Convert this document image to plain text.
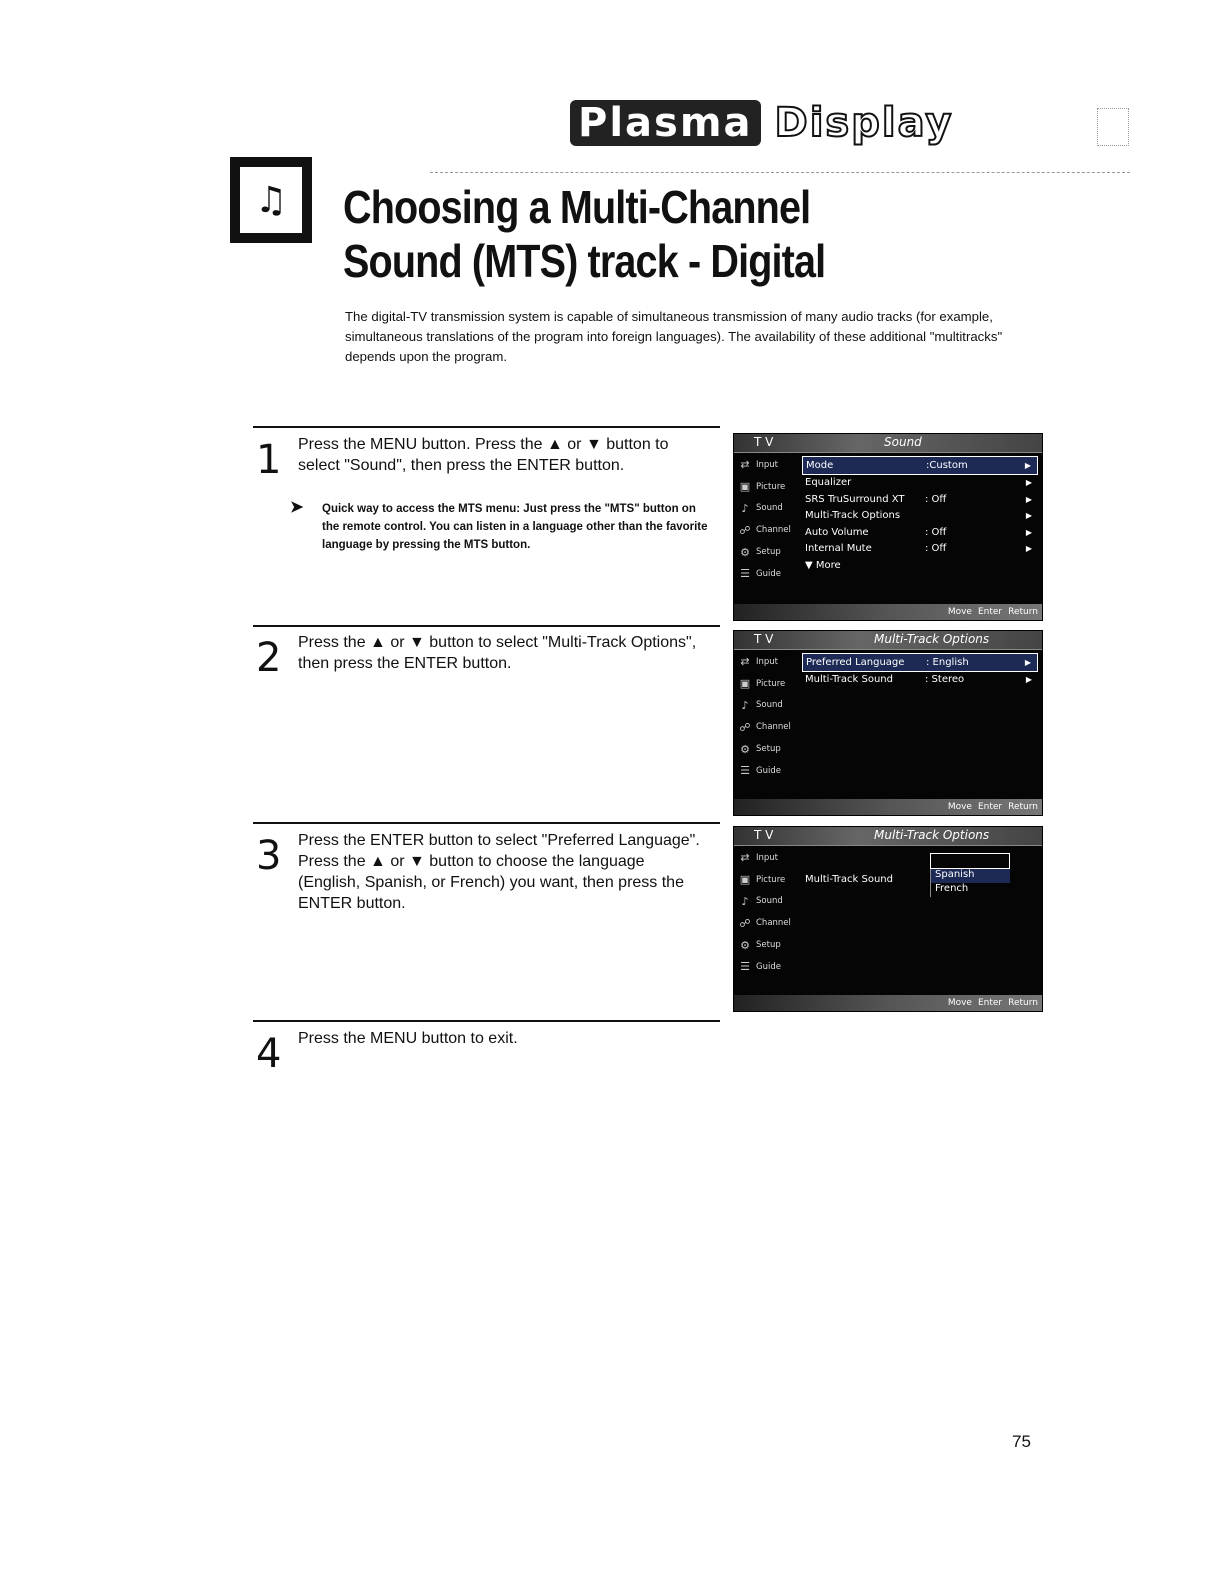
Plasma Display
♫	Choosing a Multi-Channel
Sound (MTS) track - Digital

The digital-TV transmission system is capable of simultaneous transmission of many audio tracks (for example, simultaneous translations of the program into foreign languages). The availability of these additional "multitracks" depends upon the program.

1 Press the MENU button. Press the ▲ or ▼ button to select "Sound", then press the ENTER button.

➤	Quick way to access the MTS menu: Just press the "MTS" button on the remote control. You can listen in a language other than the favorite language by pressing the MTS button.
T V	Sound
⇄ Input
▣ Picture
♪ Sound
☍ Channel
⚙ Setup
☰ Guide
Mode	:Custom	▶
Equalizer	▶
SRS TruSurround XT	: Off	▶
Multi-Track Options	▶
Auto Volume	: Off	▶
Internal Mute	: Off	▶
▼ More
Move Enter Return
2 Press the ▲ or ▼ button to select "Multi-Track Options", then press the ENTER button.

T V	Multi-Track Options
⇄ Input
▣ Picture
♪ Sound
☍ Channel
⚙ Setup
☰ Guide
Preferred Language	: English	▶
Multi-Track Sound	: Stereo	▶
Move Enter Return
3 Press the ENTER button to select "Preferred Language". Press the ▲ or ▼ button to choose the language (English, Spanish, or French) you want, then press the ENTER button.

T V	Multi-Track Options
⇄ Input
▣ Picture
♪ Sound
☍ Channel
⚙ Setup
☰ Guide
Multi-Track Sound	Spanish
French
Move Enter Return
4 Press the MENU button to exit.

75
